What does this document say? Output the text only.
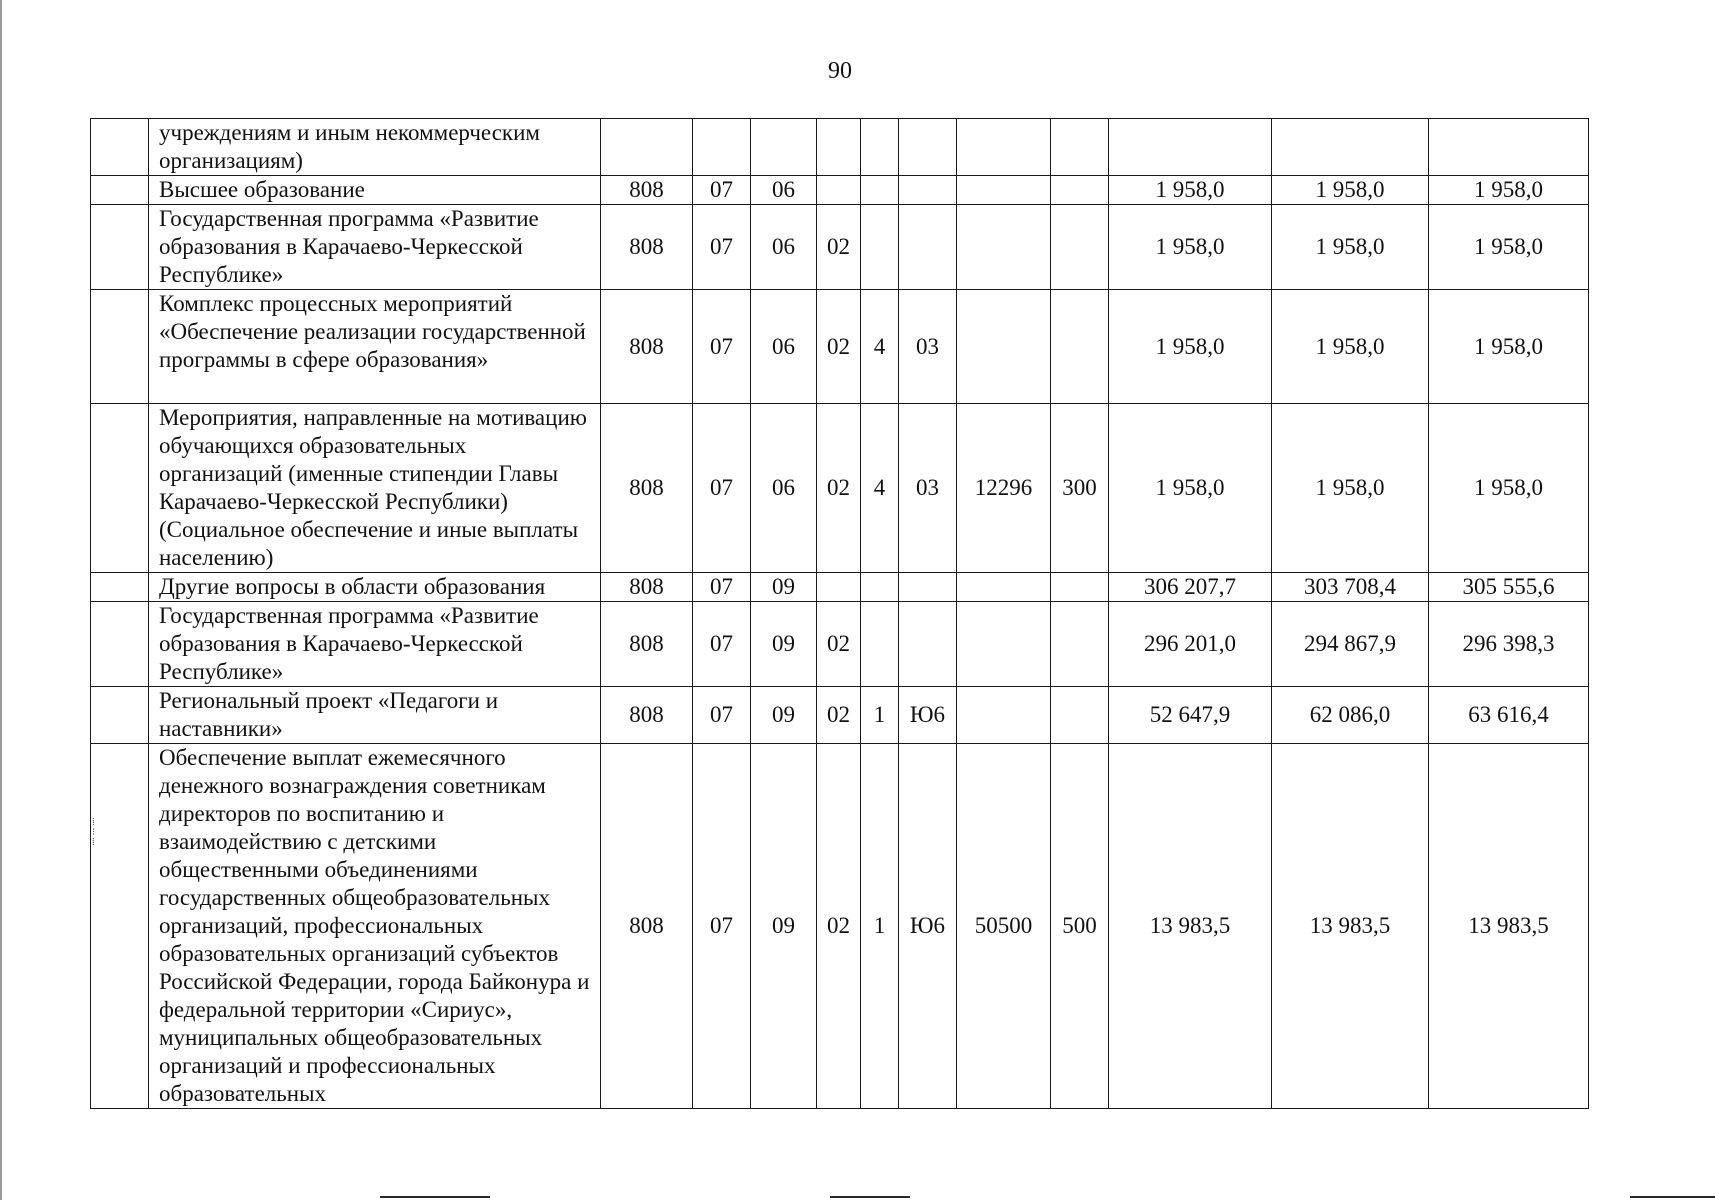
90
	учреждениям и иным некоммерческим организациям)											
	Высшее образование	808	07	06						1 958,0	1 958,0	1 958,0
	Государственная программа «Развитие образования в Карачаево-Черкесской Республике»	808	07	06	02					1 958,0	1 958,0	1 958,0
	Комплекс процессных мероприятий «Обеспечение реализации государственной программы в сфере образования»	808	07	06	02	4	03			1 958,0	1 958,0	1 958,0
	Мероприятия, направленные на мотивацию обучающихся образовательных организаций (именные стипендии Главы Карачаево-Черкесской Республики) (Социальное обеспечение и иные выплаты населению)	808	07	06	02	4	03	12296	300	1 958,0	1 958,0	1 958,0
	Другие вопросы в области образования	808	07	09						306 207,7	303 708,4	305 555,6
	Государственная программа «Развитие образования в Карачаево-Черкесской Республике»	808	07	09	02					296 201,0	294 867,9	296 398,3
	Региональный проект «Педагоги и наставники»	808	07	09	02	1	Ю6			52 647,9	62 086,0	63 616,4
	Обеспечение выплат ежемесячного денежного вознаграждения советникам директоров по воспитанию и взаимодействию с детскими общественными объединениями государственных общеобразовательных организаций, профессиональных образовательных организаций субъектов Российской Федерации, города Байконура и федеральной территории «Сириус», муниципальных общеобразовательных организаций и профессиональных образовательных	808	07	09	02	1	Ю6	50500	500	13 983,5	13 983,5	13 983,5
⁞
⁝
⁞
